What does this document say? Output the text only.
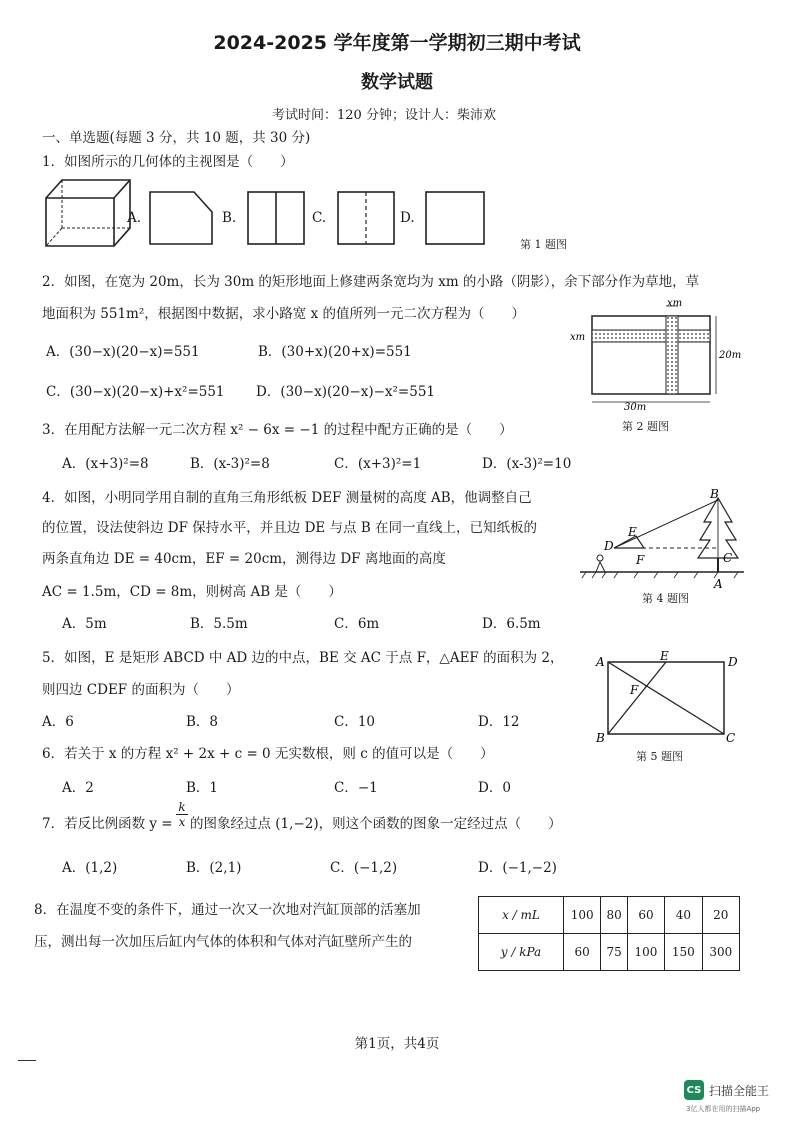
2024-2025 学年度第一学期初三期中考试
数学试题
考试时间：120 分钟；设计人：柴沛欢
一、单选题(每题 3 分，共 10 题，共 30 分)
1．如图所示的几何体的主视图是（　　）
A.	B.	C.	D.
第 1 题图
2．如图，在宽为 20m，长为 30m 的矩形地面上修建两条宽均为 xm 的小路（阴影），余下部分作为草地，草
地面积为 551m²，根据图中数据，求小路宽 x 的值所列一元二次方程为（　　）
A．(30−x)(20−x)=551	B．(30+x)(20+x)=551
C．(30−x)(20−x)+x²=551 D．(30−x)(20−x)−x²=551
xm
xm
20m
30m
第 2 题图
3．在用配方法解一元二次方程 x² − 6x = −1 的过程中配方正确的是（　　）
A．(x+3)²=8	B．(x-3)²=8	C．(x+3)²=1	D．(x-3)²=10
4．如图，小明同学用自制的直角三角形纸板 DEF 测量树的高度 AB，他调整自己
的位置，设法使斜边 DF 保持水平，并且边 DE 与点 B 在同一直线上，已知纸板的
两条直角边 DE = 40cm，EF = 20cm，测得边 DF 离地面的高度
AC = 1.5m，CD = 8m，则树高 AB 是（　　）
A．5m	B．5.5m	C．6m	D．6.5m
B
E
D
F	C
A
第 4 题图
5．如图，E 是矩形 ABCD 中 AD 边的中点，BE 交 AC 于点 F，△AEF 的面积为 2，
则四边 CDEF 的面积为（　　）
A．6	B．8	C．10	D．12
A	E	D
F
B	C
第 5 题图
6．若关于 x 的方程 x² + 2x + c = 0 无实数根，则 c 的值可以是（　　）
A．2	B．1	C．−1	D．0
7．若反比例函数 $y = \frac{k}{x}$ 的图象经过点 (1,−2)，则这个函数的图象一定经过点（　　）
A．(1,2)	B．(2,1)	C．(−1,2)	D．(−1,−2)
8．在温度不变的条件下，通过一次又一次地对汽缸顶部的活塞加
压，测出每一次加压后缸内气体的体积和气体对汽缸壁所产生的
x / mL	100	80	60	40	20
y / kPa	60	75	100	150	300
第1页，共4页
CS 扫描全能王
3亿人都在用的扫描App
